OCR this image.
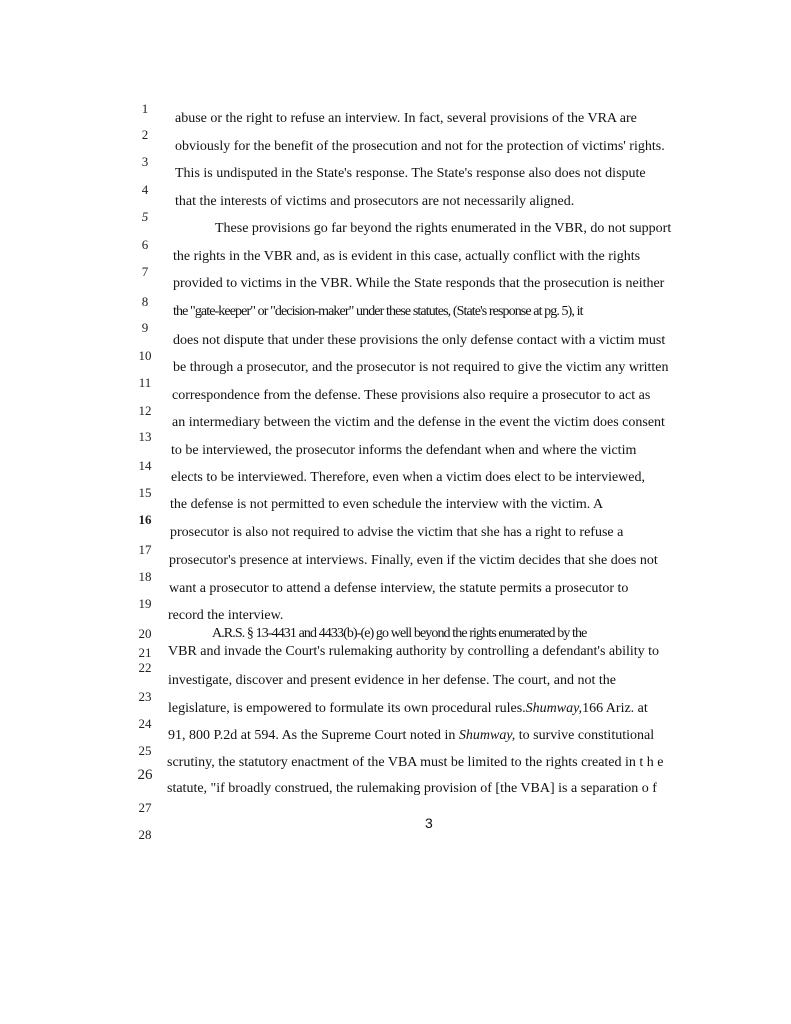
1
2
3
4
5
6
7
8
9
10
11
12
13
14
15
16
17
18
19
20
21
22
23
24
25
26
27
28
abuse or the right to refuse an interview. In fact, several provisions of the VRA are
obviously for the benefit of the prosecution and not for the protection of victims' rights.
This is undisputed in the State's response. The State's response also does not dispute
that the interests of victims and prosecutors are not necessarily aligned.
These provisions go far beyond the rights enumerated in the VBR, do not support
the rights in the VBR and, as is evident in this case, actually conflict with the rights
provided to victims in the VBR. While the State responds that the prosecution is neither
the "gate-keeper" or "decision-maker" under these statutes, (State's response at pg. 5), it
does not dispute that under these provisions the only defense contact with a victim must
be through a prosecutor, and the prosecutor is not required to give the victim any written
correspondence from the defense. These provisions also require a prosecutor to act as
an intermediary between the victim and the defense in the event the victim does consent
to be interviewed, the prosecutor informs the defendant when and where the victim
elects to be interviewed. Therefore, even when a victim does elect to be interviewed,
the defense is not permitted to even schedule the interview with the victim. A
prosecutor is also not required to advise the victim that she has a right to refuse a
prosecutor's presence at interviews. Finally, even if the victim decides that she does not
want a prosecutor to attend a defense interview, the statute permits a prosecutor to
record the interview.
A.R.S. § 13-4431 and 4433(b)-(e) go well beyond the rights enumerated by the
VBR and invade the Court's rulemaking authority by controlling a defendant's ability to
investigate, discover and present evidence in her defense. The court, and not the
legislature, is empowered to formulate its own procedural rules.Shumway,166 Ariz. at
91, 800 P.2d at 594. As the Supreme Court noted in Shumway, to survive constitutional
scrutiny, the statutory enactment of the VBA must be limited to the rights created in t h e
statute, "if broadly construed, the rulemaking provision of [the VBA] is a separation o f
3
